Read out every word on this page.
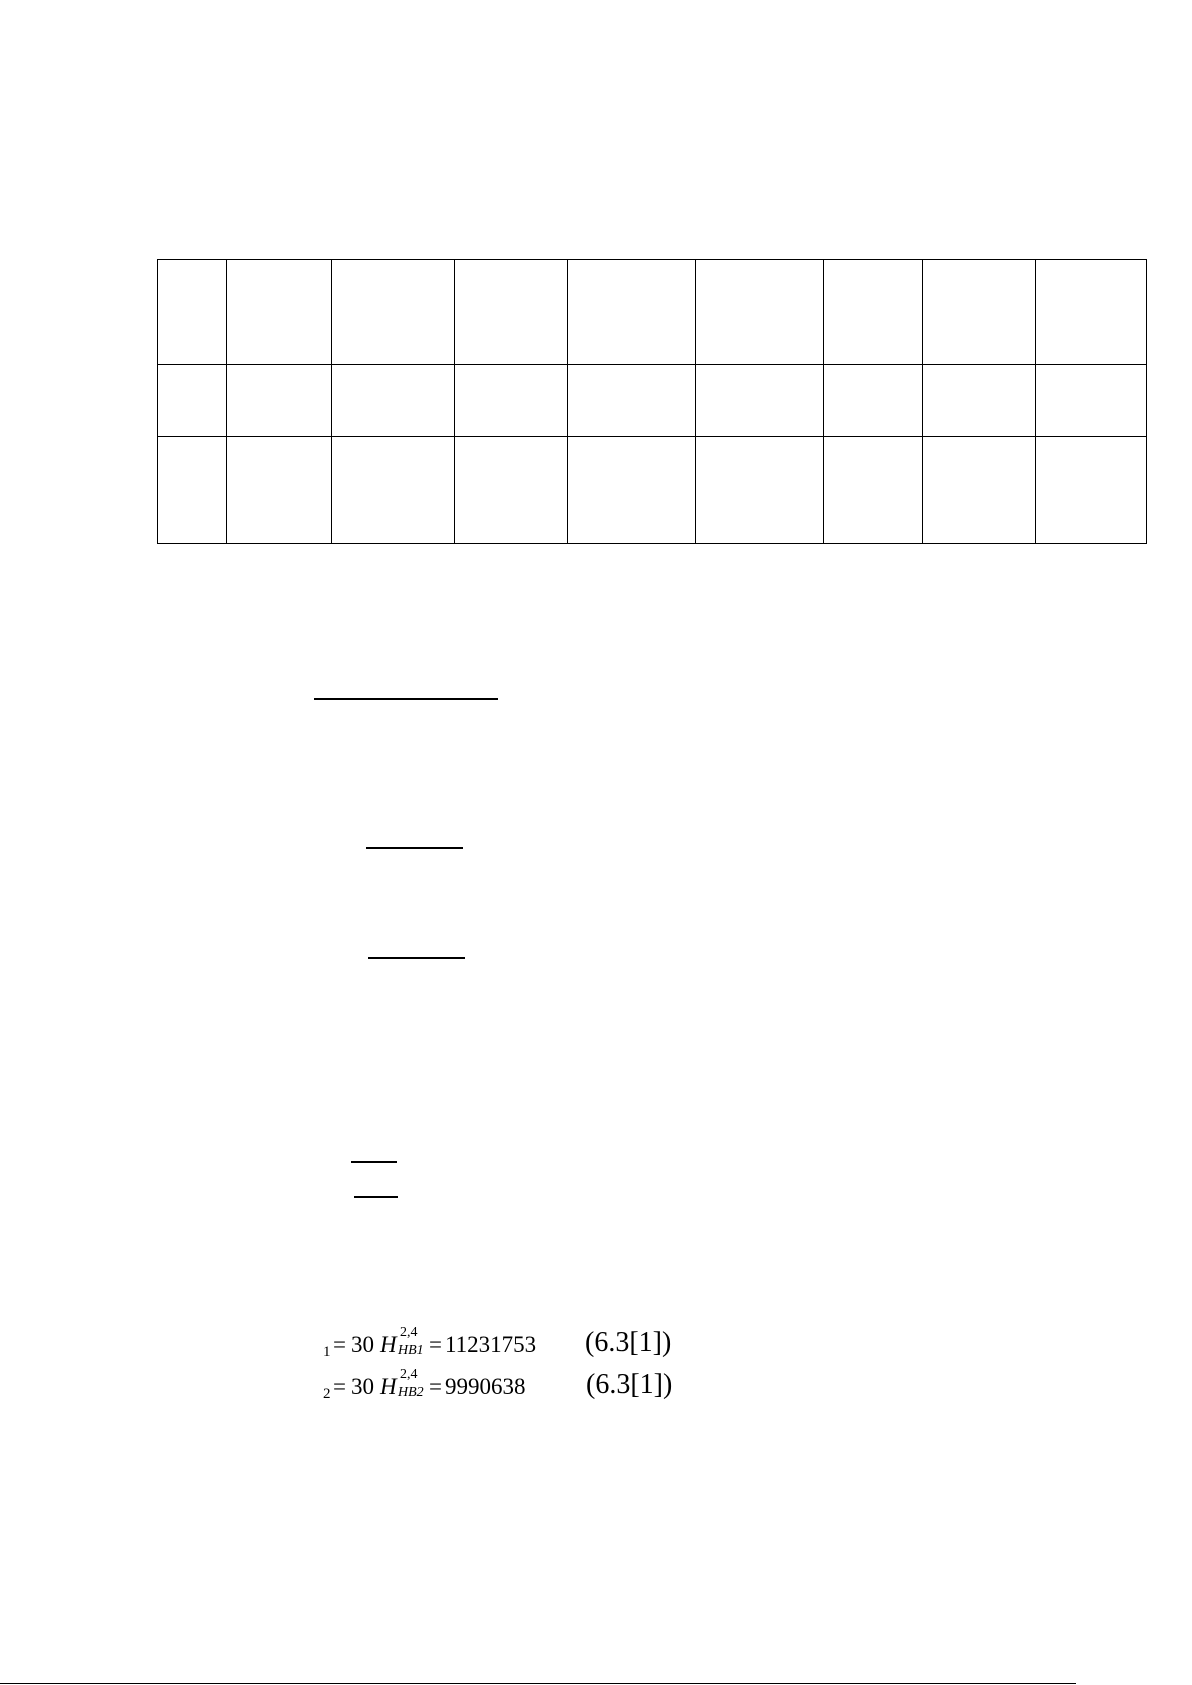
1 = 30 H 2,4
HB1 = 11231753 (6.3[1])
2 = 30 H 2,4
HB2 = 9990638 (6.3[1])
